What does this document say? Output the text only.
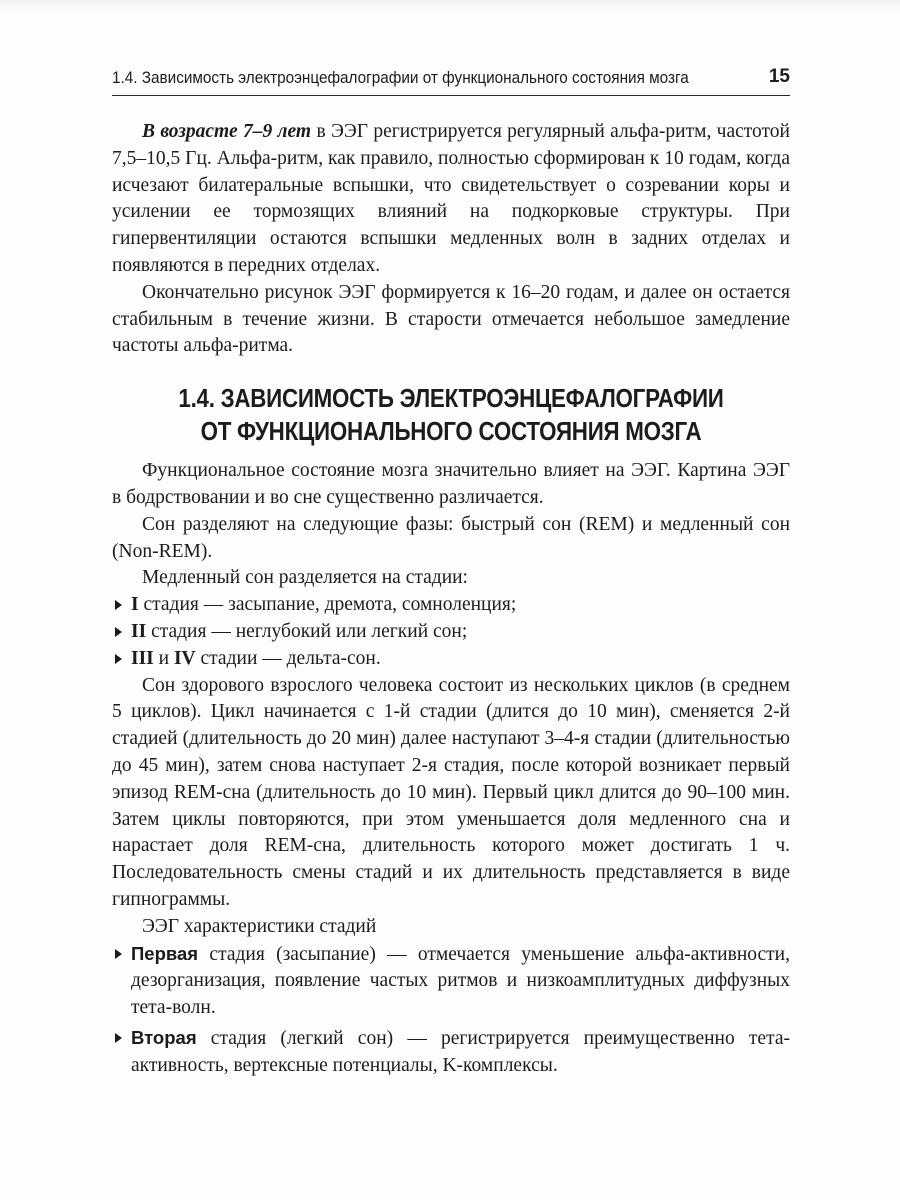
1.4. Зависимость электроэнцефалографии от функционального состояния мозга	15

В возрасте 7–9 лет в ЭЭГ регистрируется регулярный альфа-ритм, частотой 7,5–10,5 Гц. Альфа-ритм, как правило, полностью сформирован к 10 годам, когда исчезают билатеральные вспышки, что свидетельствует о созревании коры и усилении ее тормозящих влияний на подкорковые структуры. При гипервентиляции остаются вспышки медленных волн в задних отделах и появляются в передних отделах.

Окончательно рисунок ЭЭГ формируется к 16–20 годам, и далее он остается стабильным в течение жизни. В старости отмечается небольшое замедление частоты альфа-ритма.

1.4. ЗАВИСИМОСТЬ ЭЛЕКТРОЭНЦЕФАЛОГРАФИИ
ОТ ФУНКЦИОНАЛЬНОГО СОСТОЯНИЯ МОЗГА

Функциональное состояние мозга значительно влияет на ЭЭГ. Картина ЭЭГ в бодрствовании и во сне существенно различается.

Сон разделяют на следующие фазы: быстрый сон (REM) и медленный сон (Non-REM).

Медленный сон разделяется на стадии:

I стадия — засыпание, дремота, сомноленция;
II стадия — неглубокий или легкий сон;
III и IV стадии — дельта-сон.

Сон здорового взрослого человека состоит из нескольких циклов (в среднем 5 циклов). Цикл начинается с 1-й стадии (длится до 10 мин), сменяется 2-й стадией (длительность до 20 мин) далее наступают 3–4-я стадии (длительностью до 45 мин), затем снова наступает 2-я стадия, после которой возникает первый эпизод REM-сна (длительность до 10 мин). Первый цикл длится до 90–100 мин. Затем циклы повторяются, при этом уменьшается доля медленного сна и нарастает доля REM-сна, длительность которого может достигать 1 ч. Последовательность смены стадий и их длительность представляется в виде гипнограммы.

ЭЭГ характеристики стадий

Первая стадия (засыпание) — отмечается уменьшение альфа-активности, дезорганизация, появление частых ритмов и низкоамплитудных диффузных тета-волн.
Вторая стадия (легкий сон) — регистрируется преимущественно тета-активность, вертексные потенциалы, K-комплексы.
